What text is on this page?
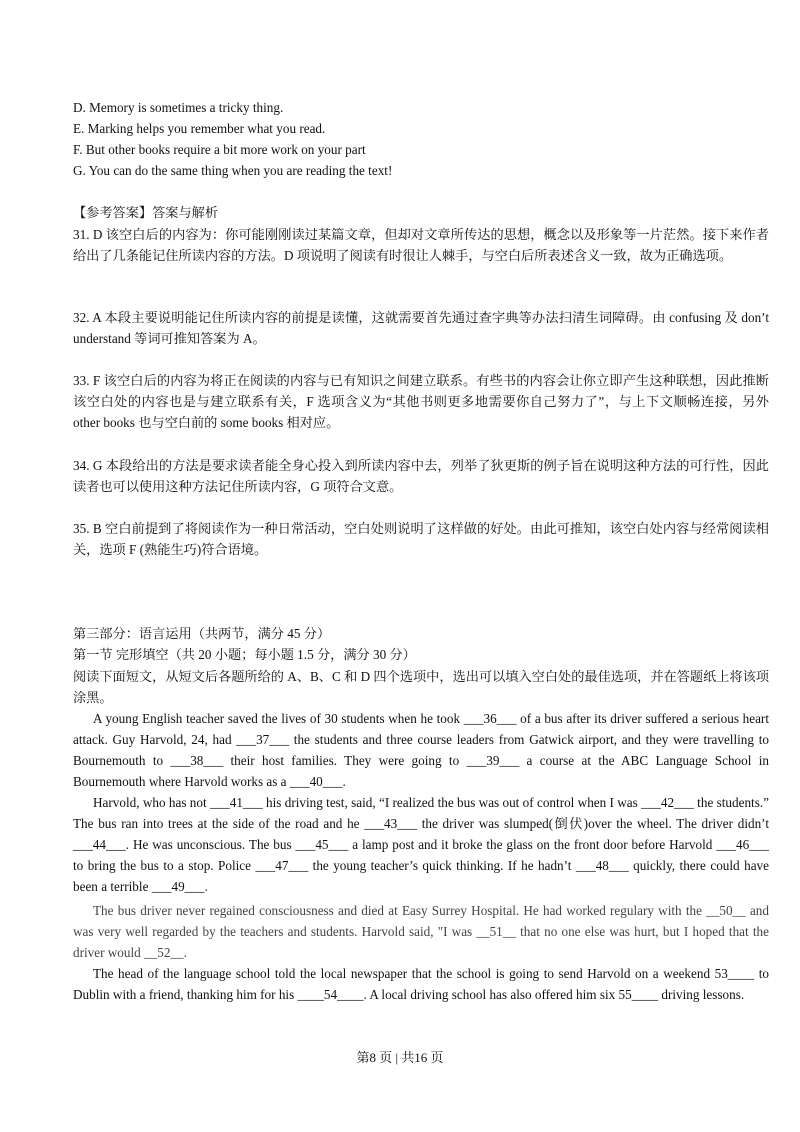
D. Memory is sometimes a tricky thing.
E. Marking helps you remember what you read.
F. But other books require a bit more work on your part
G. You can do the same thing when you are reading the text!
【参考答案】答案与解析
31. D 该空白后的内容为：你可能刚刚读过某篇文章，但却对文章所传达的思想，概念以及形象等一片茫然。接下来作者给出了几条能记住所读内容的方法。D 项说明了阅读有时很让人棘手，与空白后所表述含义一致，故为正确选项。
32. A 本段主要说明能记住所读内容的前提是读懂，这就需要首先通过查字典等办法扫清生词障碍。由 confusing 及 don’t understand 等词可推知答案为 A。
33. F 该空白后的内容为将正在阅读的内容与已有知识之间建立联系。有些书的内容会让你立即产生这种联想，因此推断该空白处的内容也是与建立联系有关，F 选项含义为“其他书则更多地需要你自己努力了”，与上下文顺畅连接，另外 other books 也与空白前的 some books 相对应。
34. G 本段给出的方法是要求读者能全身心投入到所读内容中去，列举了狄更斯的例子旨在说明这种方法的可行性，因此读者也可以使用这种方法记住所读内容，G 项符合文意。
35. B 空白前提到了将阅读作为一种日常活动，空白处则说明了这样做的好处。由此可推知，该空白处内容与经常阅读相关，选项 F (熟能生巧)符合语境。
第三部分：语言运用（共两节，满分 45 分）
第一节 完形填空（共 20 小题；每小题 1.5 分，满分 30 分）
阅读下面短文，从短文后各题所给的 A、B、C 和 D 四个选项中，选出可以填入空白处的最佳选项，并在答题纸上将该项涂黑。
A young English teacher saved the lives of 30 students when he took ___36___ of a bus after its driver suffered a serious heart attack. Guy Harvold, 24, had ___37___ the students and three course leaders from Gatwick airport, and they were travelling to Bournemouth to ___38___ their host families. They were going to ___39___ a course at the ABC Language School in Bournemouth where Harvold works as a ___40___.
Harvold, who has not ___41___ his driving test, said, “I realized the bus was out of control when I was ___42___ the students.” The bus ran into trees at the side of the road and he ___43___ the driver was slumped(倒伏)over the wheel. The driver didn’t ___44___. He was unconscious. The bus ___45___ a lamp post and it broke the glass on the front door before Harvold ___46___ to bring the bus to a stop. Police ___47___ the young teacher’s quick thinking. If he hadn’t ___48___ quickly, there could have been a terrible ___49___.
The bus driver never regained consciousness and died at Easy Surrey Hospital. He had worked regulary with the __50__ and was very well regarded by the teachers and students. Harvold said, "I was __51__ that no one else was hurt, but I hoped that the driver would __52__.
The head of the language school told the local newspaper that the school is going to send Harvold on a weekend 53____ to Dublin with a friend, thanking him for his ____54____. A local driving school has also offered him six 55____ driving lessons.
第8 页 | 共16 页
